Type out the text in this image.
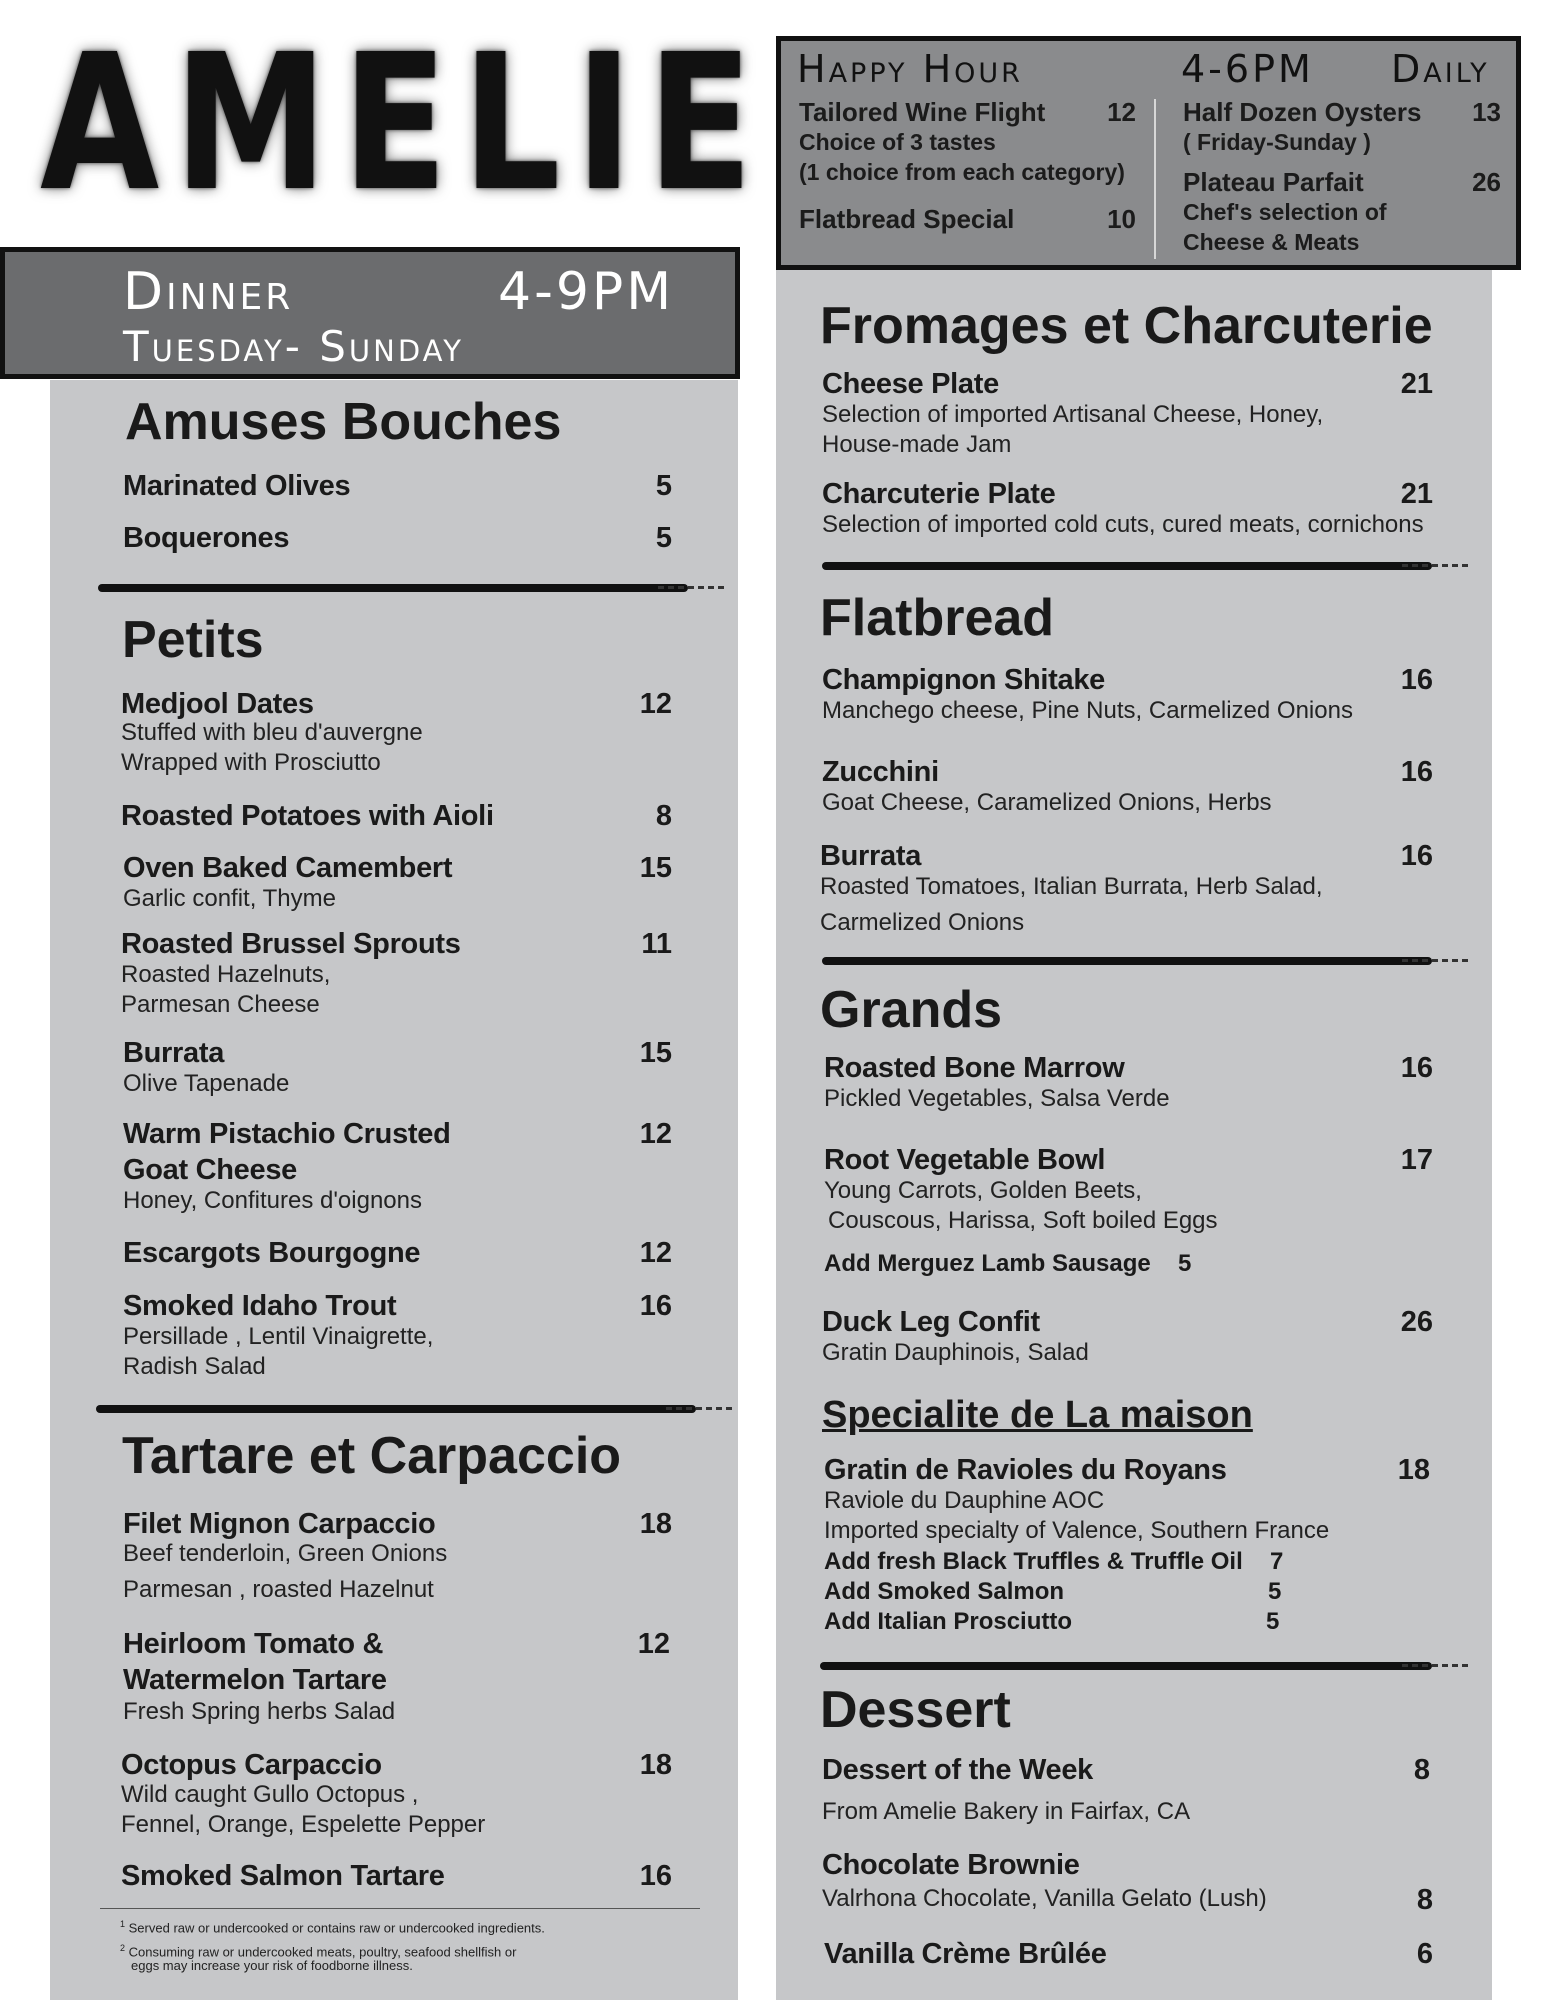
AMELIE
Dinner	4-9PM
Tuesday- Sunday
Happy Hour	4-6PM Daily
Tailored Wine Flight	12
Choice of 3 tastes
(1 choice from each category)
Flatbread Special	10
Half Dozen Oysters	13
( Friday-Sunday )
Plateau Parfait	26
Chef's selection of
Cheese & Meats
Amuses Bouches
Marinated Olives	5
Boquerones	5
Petits
Medjool Dates	12
Stuffed with bleu d'auvergne
Wrapped with Prosciutto
Roasted Potatoes with Aioli	8
Oven Baked Camembert	15
Garlic confit, Thyme
Roasted Brussel Sprouts	11
Roasted Hazelnuts,
Parmesan Cheese
Burrata	15
Olive Tapenade
Warm Pistachio Crusted
Goat Cheese
12
Honey, Confitures d'oignons
Escargots Bourgogne	12
Smoked Idaho Trout	16
Persillade , Lentil Vinaigrette,
Radish Salad
Tartare et Carpaccio
Filet Mignon Carpaccio	18
Beef tenderloin, Green Onions
Parmesan , roasted Hazelnut
Heirloom Tomato &
Watermelon Tartare
12
Fresh Spring herbs Salad
Octopus Carpaccio	18
Wild caught Gullo Octopus ,
Fennel, Orange, Espelette Pepper
Smoked Salmon Tartare	16
$^1$ Served raw or undercooked or contains raw or undercooked ingredients.
$^2$ Consuming raw or undercooked meats, poultry, seafood shellfish or
eggs may increase your risk of foodborne illness.
Fromages et Charcuterie
Cheese Plate	21
Selection of imported Artisanal Cheese, Honey,
House-made Jam
Charcuterie Plate	21
Selection of imported cold cuts, cured meats, cornichons
Flatbread
Champignon Shitake	16
Manchego cheese, Pine Nuts, Carmelized Onions
Zucchini	16
Goat Cheese, Caramelized Onions, Herbs
Burrata	16
Roasted Tomatoes, Italian Burrata, Herb Salad,
Carmelized Onions
Grands
Roasted Bone Marrow	16
Pickled Vegetables, Salsa Verde
Root Vegetable Bowl	17
Young Carrots, Golden Beets,
Couscous, Harissa, Soft boiled Eggs
Add Merguez Lamb Sausage 5
Duck Leg Confit	26
Gratin Dauphinois, Salad
Specialite de La maison
Gratin de Ravioles du Royans	18
Raviole du Dauphine AOC
Imported specialty of Valence, Southern France
Add fresh Black Truffles & Truffle Oil 7
Add Smoked Salmon	5
Add Italian Prosciutto	5
Dessert
Dessert of the Week	8
From Amelie Bakery in Fairfax, CA
Chocolate Brownie
Valrhona Chocolate, Vanilla Gelato (Lush)	8
Vanilla Crème Brûlée	6
